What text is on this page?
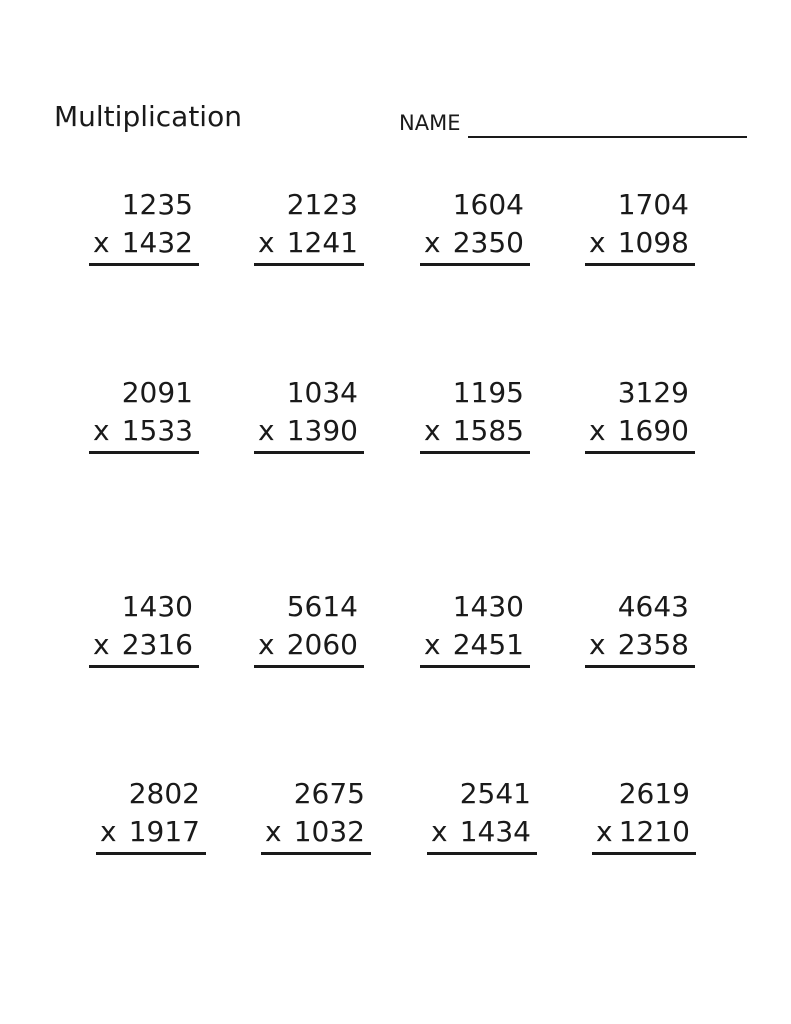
Multiplication	NAME
1235
x 1432
2123
x 1241
1604
x 2350
1704
x 1098
2091
x 1533
1034
x 1390
1195
x 1585
3129
x 1690
1430
x 2316
5614
x 2060
1430
x 2451
4643
x 2358
2802
x 1917
2675
x 1032
2541
x 1434
2619
x 1210
